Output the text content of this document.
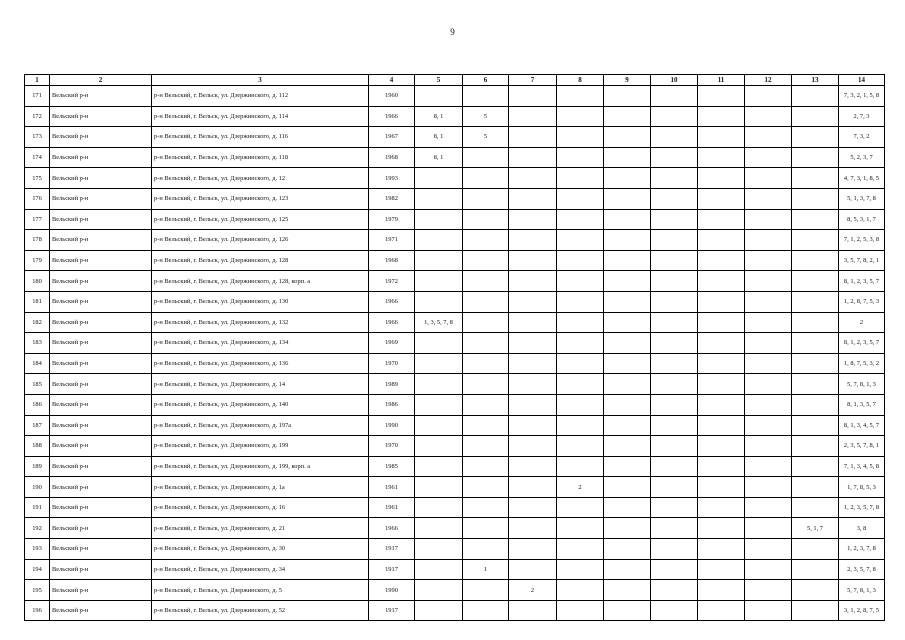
9
1	2	3	4	5	6	7	8	9	10	11	12	13	14
171	Вельский р-н	р-н Вельский, г. Вельск, ул. Дзержинского, д. 112	1960										7, 3, 2, 1, 5, 8
172	Вельский р-н	р-н Вельский, г. Вельск, ул. Дзержинского, д. 114	1966	8, 1	5								2, 7, 3
173	Вельский р-н	р-н Вельский, г. Вельск, ул. Дзержинского, д. 116	1967	8, 1	5								7, 3, 2
174	Вельский р-н	р-н Вельский, г. Вельск, ул. Дзержинского, д. 118	1968	8, 1									5, 2, 3, 7
175	Вельский р-н	р-н Вельский, г. Вельск, ул. Дзержинского, д. 12	1993										4, 7, 3, 1, 8, 5
176	Вельский р-н	р-н Вельский, г. Вельск, ул. Дзержинского, д. 123	1982										5, 1, 3, 7, 8
177	Вельский р-н	р-н Вельский, г. Вельск, ул. Дзержинского, д. 125	1979										8, 5, 3, 1, 7
178	Вельский р-н	р-н Вельский, г. Вельск, ул. Дзержинского, д. 126	1971										7, 1, 2, 5, 3, 8
179	Вельский р-н	р-н Вельский, г. Вельск, ул. Дзержинского, д. 128	1968										3, 5, 7, 8, 2, 1
180	Вельский р-н	р-н Вельский, г. Вельск, ул. Дзержинского, д. 128, корп. а	1972										8, 1, 2, 3, 5, 7
181	Вельский р-н	р-н Вельский, г. Вельск, ул. Дзержинского, д. 130	1966										1, 2, 8, 7, 5, 3
182	Вельский р-н	р-н Вельский, г. Вельск, ул. Дзержинского, д. 132	1966	1, 3, 5, 7, 8									2
183	Вельский р-н	р-н Вельский, г. Вельск, ул. Дзержинского, д. 134	1969										8, 1, 2, 3, 5, 7
184	Вельский р-н	р-н Вельский, г. Вельск, ул. Дзержинского, д. 136	1970										1, 8, 7, 5, 3, 2
185	Вельский р-н	р-н Вельский, г. Вельск, ул. Дзержинского, д. 14	1989										5, 7, 8, 1, 3
186	Вельский р-н	р-н Вельский, г. Вельск, ул. Дзержинского, д. 140	1986										8, 1, 3, 5, 7
187	Вельский р-н	р-н Вельский, г. Вельск, ул. Дзержинского, д. 197а	1990										8, 1, 3, 4, 5, 7
188	Вельский р-н	р-н Вельский, г. Вельск, ул. Дзержинского, д. 199	1970										2, 3, 5, 7, 8, 1
189	Вельский р-н	р-н Вельский, г. Вельск, ул. Дзержинского, д. 199, корп. а	1985										7, 1, 3, 4, 5, 8
190	Вельский р-н	р-н Вельский, г. Вельск, ул. Дзержинского, д. 1а	1961				2						1, 7, 8, 5, 3
191	Вельский р-н	р-н Вельский, г. Вельск, ул. Дзержинского, д. 16	1961										1, 2, 3, 5, 7, 8
192	Вельский р-н	р-н Вельский, г. Вельск, ул. Дзержинского, д. 21	1966									5, 1, 7	3, 8
193	Вельский р-н	р-н Вельский, г. Вельск, ул. Дзержинского, д. 30	1917										1, 2, 3, 7, 8
194	Вельский р-н	р-н Вельский, г. Вельск, ул. Дзержинского, д. 34	1917		1								2, 3, 5, 7, 8
195	Вельский р-н	р-н Вельский, г. Вельск, ул. Дзержинского, д. 5	1990			2							5, 7, 8, 1, 3
196	Вельский р-н	р-н Вельский, г. Вельск, ул. Дзержинского, д. 52	1917										3, 1, 2, 8, 7, 5
